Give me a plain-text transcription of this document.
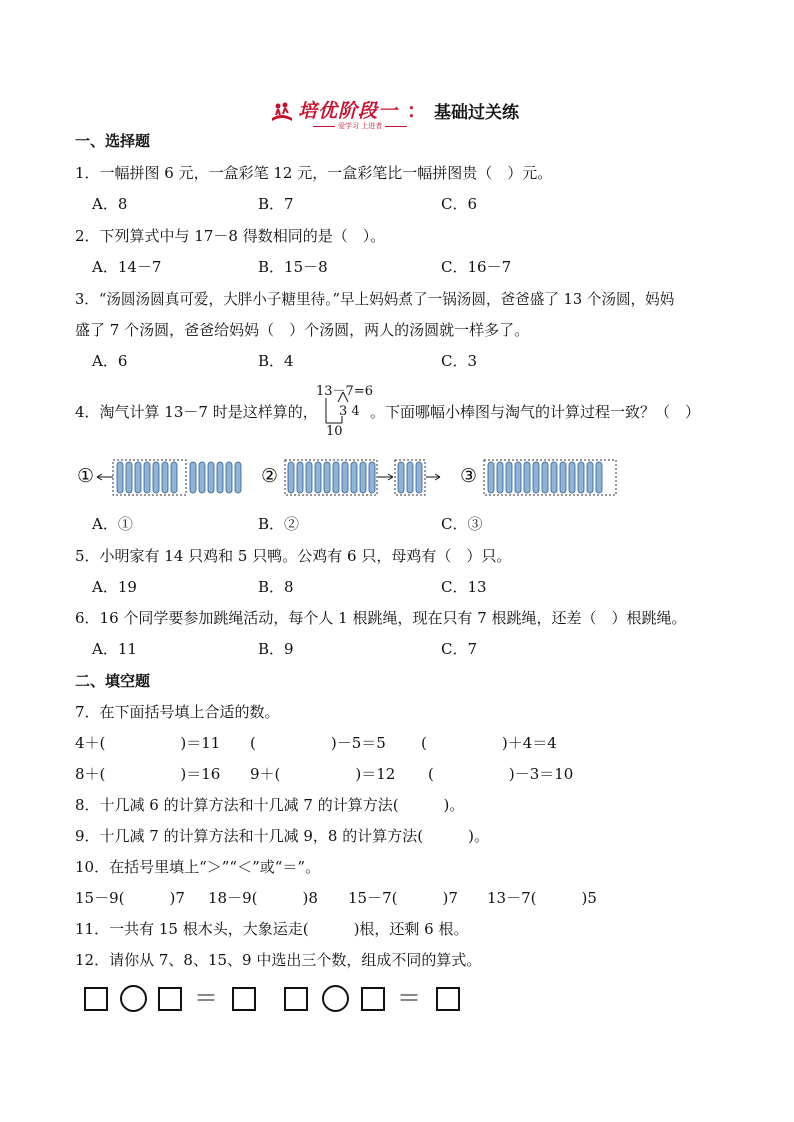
培优阶段一 ： 基础过关练
爱学习 上进者
一、选择题
1．一幅拼图 6 元，一盒彩笔 12 元，一盒彩笔比一幅拼图贵（　）元。
A．8	B．7	C．6
2．下列算式中与 17－8 得数相同的是（　）。
A．14－7	B．15－8	C．16－7
3．“汤圆汤圆真可爱，大胖小子糖里待。”早上妈妈煮了一锅汤圆，爸爸盛了 13 个汤圆，妈妈
盛了 7 个汤圆，爸爸给妈妈（　）个汤圆，两人的汤圆就一样多了。
A．6	B．4	C．3
4．淘气计算 13－7 时是这样算的，
13－7=6
3 4
10
。下面哪幅小棒图与淘气的计算过程一致？（　）
①	②	③
A．①	B．②	C．③
5．小明家有 14 只鸡和 5 只鸭。公鸡有 6 只，母鸡有（　）只。
A．19	B．8	C．13
6．16 个同学要参加跳绳活动，每个人 1 根跳绳，现在只有 7 根跳绳，还差（　）根跳绳。
A．11	B．9	C．7
二、填空题
7．在下面括号填上合适的数。
4＋(　　　　　)＝11 (　　　　　)－5＝5 (　　　　　)＋4＝4
8＋(　　　　　)＝16 9＋(　　　　　)＝12 (　　　　　)－3＝10
8．十几减 6 的计算方法和十几减 7 的计算方法(　　　)。
9．十几减 7 的计算方法和十几减 9，8 的计算方法(　　　)。
10．在括号里填上“＞”“＜”或“＝”。
15－9(　　　)7 18－9(　　　)8 15－7(　　　)7 13－7(　　　)5
11．一共有 15 根木头，大象运走(　　　)根，还剩 6 根。
12．请你从 7、8、15、9 中选出三个数，组成不同的算式。
＝	＝
